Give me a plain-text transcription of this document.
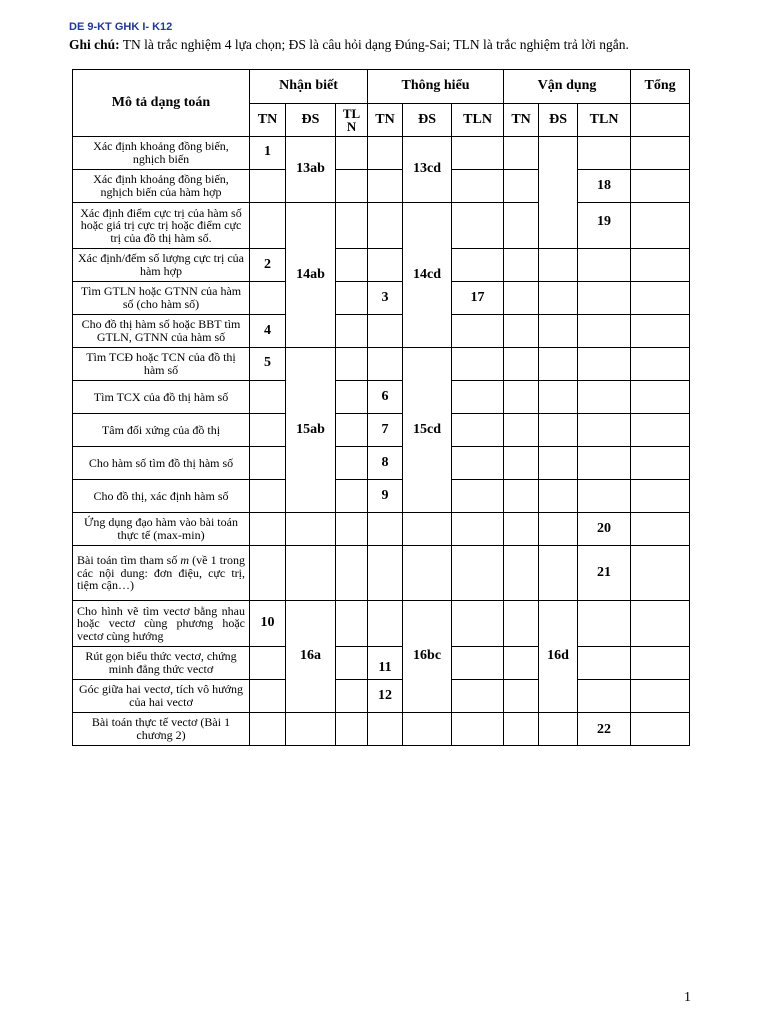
DE 9-KT GHK I- K12
Ghi chú: TN là trắc nghiệm 4 lựa chọn; ĐS là câu hỏi dạng Đúng-Sai; TLN là trắc nghiệm trả lời ngắn.
Mô tả dạng toán	Nhận biết			Thông hiểu			Vận dụng			Tổng
	TN	ĐS	TL N	TN	ĐS	TLN	TN	ĐS	TLN	
Xác định khoảng đồng biến, nghịch biến	1	13ab			13cd					
Xác định khoảng đồng biến, nghịch biến của hàm hợp									18	
Xác định điểm cực trị của hàm số hoặc giá trị cực trị hoặc điểm cực trị của đồ thị hàm số.		14ab			14cd				19	
Xác định/đếm số lượng cực trị của hàm hợp	2									
Tìm GTLN hoặc GTNN của hàm số (cho hàm số)				3		17				
Cho đồ thị hàm số hoặc BBT tìm GTLN, GTNN của hàm số	4									
Tìm TCĐ hoặc TCN của đồ thị hàm số	5	15ab			15cd					
Tìm TCX của đồ thị hàm số				6						
Tâm đối xứng của đồ thị				7						
Cho hàm số tìm đồ thị hàm số				8						
Cho đồ thị, xác định hàm số				9						
Ứng dụng đạo hàm vào bài toán thực tế (max-min)									20	
Bài toán tìm tham số m (về 1 trong các nội dung: đơn điệu, cực trị, tiệm cận…)									21	
Cho hình vẽ tìm vectơ bằng nhau hoặc vectơ cùng phương hoặc vectơ cùng hướng	10	16a			16bc			16d		
Rút gọn biểu thức vectơ, chứng minh đẳng thức vectơ				11						
Góc giữa hai vectơ, tích vô hướng của hai vectơ				12						
Bài toán thực tế vectơ (Bài 1 chương 2)									22	
1
